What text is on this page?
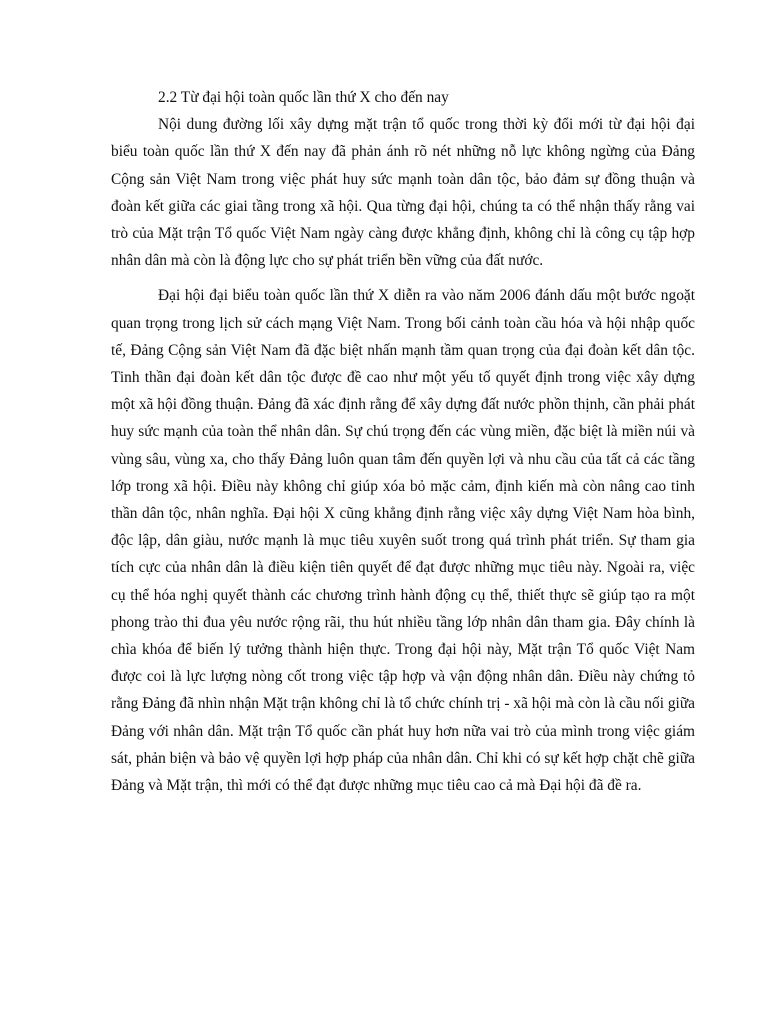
2.2 Từ đại hội toàn quốc lần thứ X cho đến nay

Nội dung đường lối xây dựng mặt trận tổ quốc trong thời kỳ đổi mới từ đại hội đại biểu toàn quốc lần thứ X đến nay đã phản ánh rõ nét những nỗ lực không ngừng của Đảng Cộng sản Việt Nam trong việc phát huy sức mạnh toàn dân tộc, bảo đảm sự đồng thuận và đoàn kết giữa các giai tầng trong xã hội. Qua từng đại hội, chúng ta có thể nhận thấy rằng vai trò của Mặt trận Tổ quốc Việt Nam ngày càng được khẳng định, không chỉ là công cụ tập hợp nhân dân mà còn là động lực cho sự phát triển bền vững của đất nước.

Đại hội đại biểu toàn quốc lần thứ X diễn ra vào năm 2006 đánh dấu một bước ngoặt quan trọng trong lịch sử cách mạng Việt Nam. Trong bối cảnh toàn cầu hóa và hội nhập quốc tế, Đảng Cộng sản Việt Nam đã đặc biệt nhấn mạnh tầm quan trọng của đại đoàn kết dân tộc. Tinh thần đại đoàn kết dân tộc được đề cao như một yếu tố quyết định trong việc xây dựng một xã hội đồng thuận. Đảng đã xác định rằng để xây dựng đất nước phồn thịnh, cần phải phát huy sức mạnh của toàn thể nhân dân. Sự chú trọng đến các vùng miền, đặc biệt là miền núi và vùng sâu, vùng xa, cho thấy Đảng luôn quan tâm đến quyền lợi và nhu cầu của tất cả các tầng lớp trong xã hội. Điều này không chỉ giúp xóa bỏ mặc cảm, định kiến mà còn nâng cao tinh thần dân tộc, nhân nghĩa. Đại hội X cũng khẳng định rằng việc xây dựng Việt Nam hòa bình, độc lập, dân giàu, nước mạnh là mục tiêu xuyên suốt trong quá trình phát triển. Sự tham gia tích cực của nhân dân là điều kiện tiên quyết để đạt được những mục tiêu này. Ngoài ra, việc cụ thể hóa nghị quyết thành các chương trình hành động cụ thể, thiết thực sẽ giúp tạo ra một phong trào thi đua yêu nước rộng rãi, thu hút nhiều tầng lớp nhân dân tham gia. Đây chính là chìa khóa để biến lý tưởng thành hiện thực. Trong đại hội này, Mặt trận Tổ quốc Việt Nam được coi là lực lượng nòng cốt trong việc tập hợp và vận động nhân dân. Điều này chứng tỏ rằng Đảng đã nhìn nhận Mặt trận không chỉ là tổ chức chính trị - xã hội mà còn là cầu nối giữa Đảng với nhân dân. Mặt trận Tổ quốc cần phát huy hơn nữa vai trò của mình trong việc giám sát, phản biện và bảo vệ quyền lợi hợp pháp của nhân dân. Chỉ khi có sự kết hợp chặt chẽ giữa Đảng và Mặt trận, thì mới có thể đạt được những mục tiêu cao cả mà Đại hội đã đề ra.
